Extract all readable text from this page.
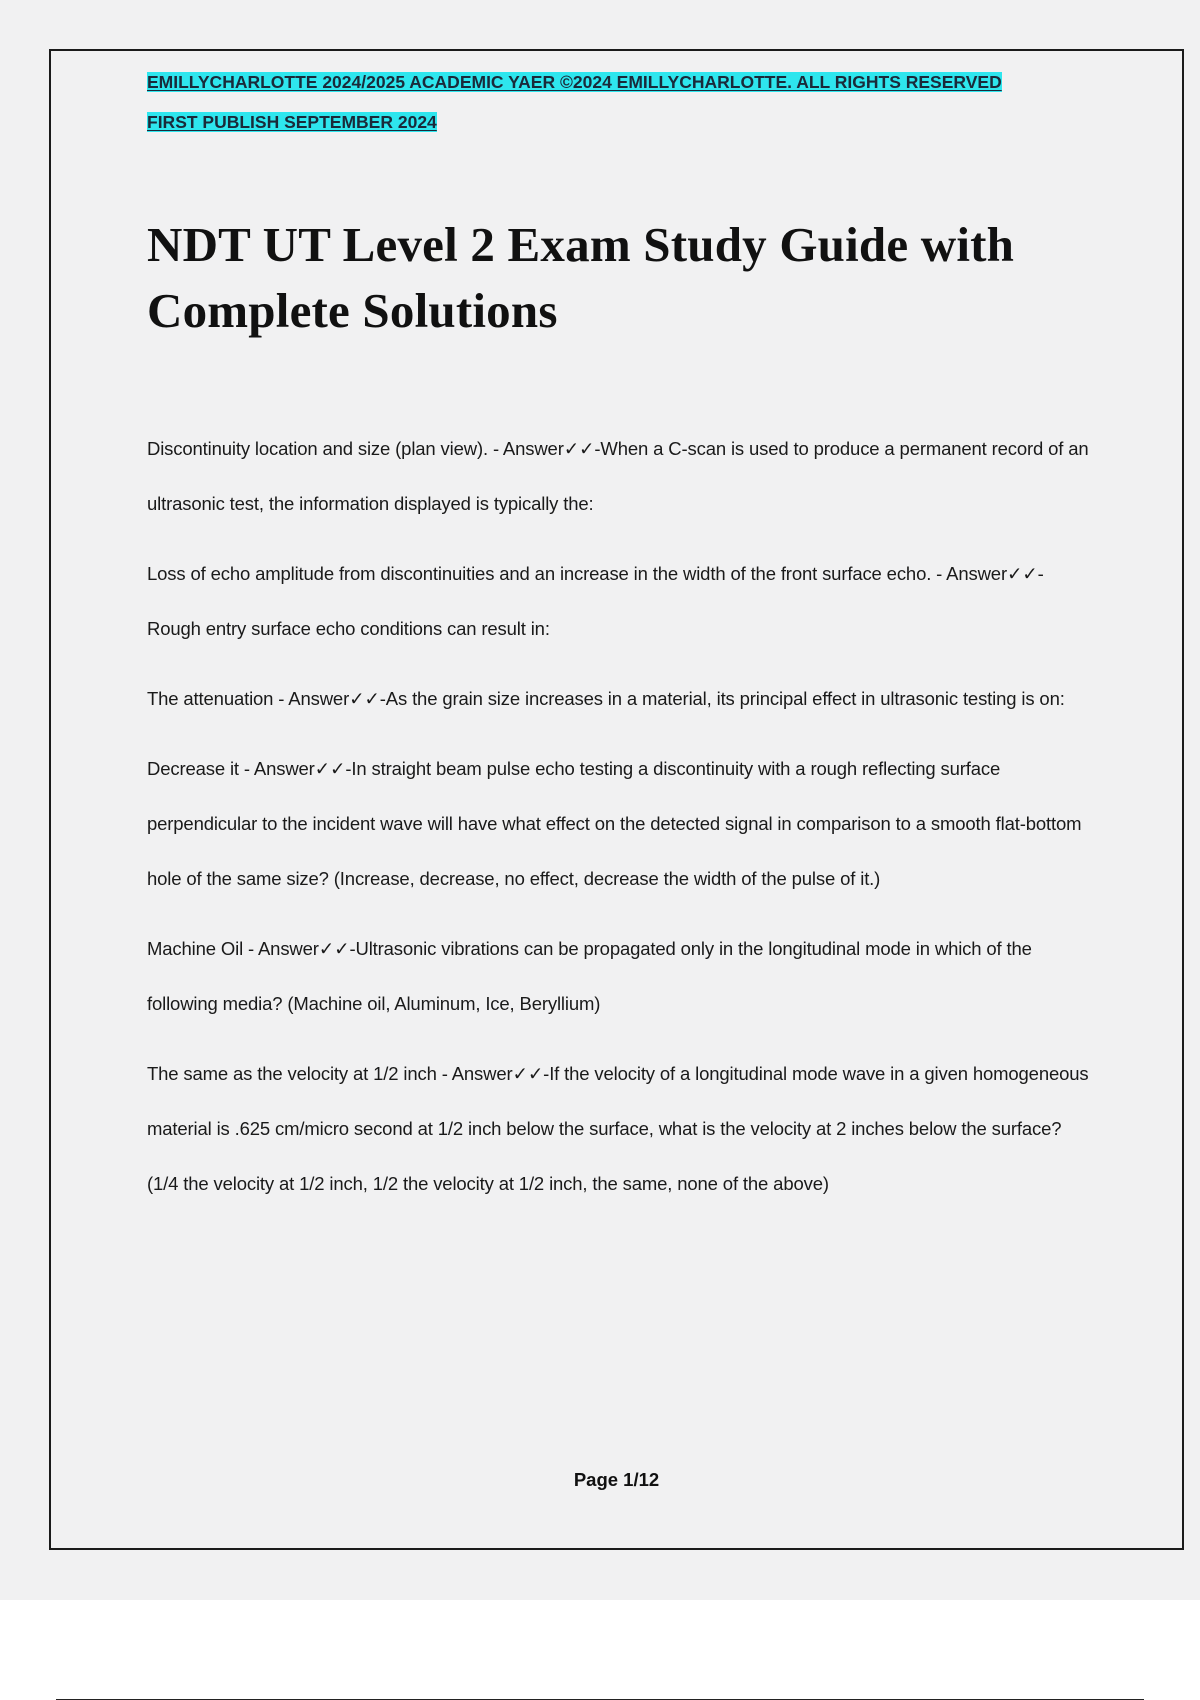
EMILLYCHARLOTTE 2024/2025 ACADEMIC YAER ©2024 EMILLYCHARLOTTE. ALL RIGHTS RESERVED

FIRST PUBLISH SEPTEMBER 2024

NDT UT Level 2 Exam Study Guide with Complete Solutions

Discontinuity location and size (plan view). - Answer✓✓-When a C-scan is used to produce a permanent record of an ultrasonic test, the information displayed is typically the:

Loss of echo amplitude from discontinuities and an increase in the width of the front surface echo. - Answer✓✓-Rough entry surface echo conditions can result in:

The attenuation - Answer✓✓-As the grain size increases in a material, its principal effect in ultrasonic testing is on:

Decrease it - Answer✓✓-In straight beam pulse echo testing a discontinuity with a rough reflecting surface perpendicular to the incident wave will have what effect on the detected signal in comparison to a smooth flat-bottom hole of the same size? (Increase, decrease, no effect, decrease the width of the pulse of it.)

Machine Oil - Answer✓✓-Ultrasonic vibrations can be propagated only in the longitudinal mode in which of the following media? (Machine oil, Aluminum, Ice, Beryllium)

The same as the velocity at 1/2 inch - Answer✓✓-If the velocity of a longitudinal mode wave in a given homogeneous material is .625 cm/micro second at 1/2 inch below the surface, what is the velocity at 2 inches below the surface? (1/4 the velocity at 1/2 inch, 1/2 the velocity at 1/2 inch, the same, none of the above)

Page 1/12
